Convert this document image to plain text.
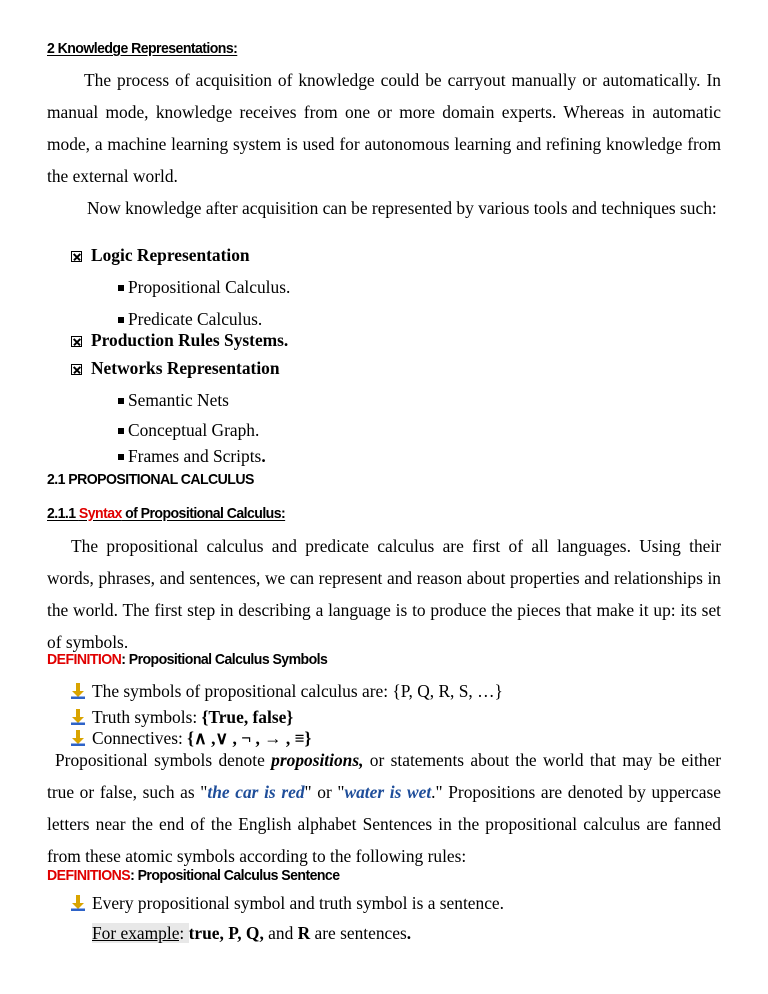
2 Knowledge Representations:
The process of acquisition of knowledge could be carryout manually or automatically. In manual mode, knowledge receives from one or more domain experts. Whereas in automatic mode, a machine learning system is used for autonomous learning and refining knowledge from the external world.
Now knowledge after acquisition can be represented by various tools and techniques such:
Logic Representation
Propositional Calculus.
Predicate Calculus.
Production Rules Systems.
Networks Representation
Semantic Nets
Conceptual Graph.
Frames and Scripts.
2.1 PROPOSITIONAL CALCULUS
2.1.1 Syntax of Propositional Calculus:
The propositional calculus and predicate calculus are first of all languages. Using their words, phrases, and sentences, we can represent and reason about properties and relationships in the world. The first step in describing a language is to produce the pieces that make it up: its set of symbols.
DEFINITION: Propositional Calculus Symbols
The symbols of propositional calculus are: {P, Q, R, S, …}
Truth symbols: {True, false}
Connectives: {∧ ,∨ , ¬ , → , ≡}
Propositional symbols denote propositions, or statements about the world that may be either true or false, such as "the car is red" or "water is wet." Propositions are denoted by uppercase letters near the end of the English alphabet Sentences in the propositional calculus are fanned from these atomic symbols according to the following rules:
DEFINITIONS: Propositional Calculus Sentence
Every propositional symbol and truth symbol is a sentence.
For example: true, P, Q, and R are sentences.
